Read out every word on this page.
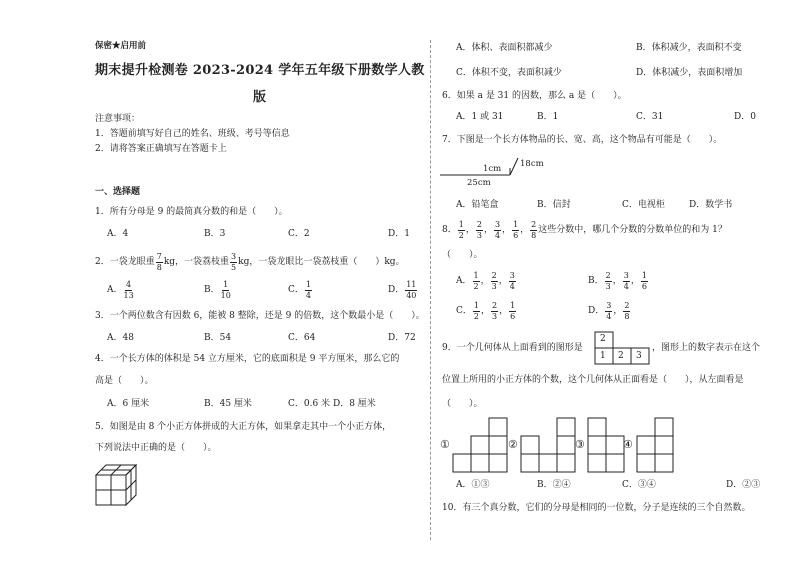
保密★启用前
期末提升检测卷 2023-2024 学年五年级下册数学人教
版
注意事项：
1．答题前填写好自己的姓名、班级、考号等信息
2．请将答案正确填写在答题卡上
一、选择题
1．所有分母是 9 的最简真分数的和是（　　）。
A．4	B．3	C．2	D．1
2．一袋龙眼重
7
8
kg，一袋荔枝重
3
5
kg，一袋龙眼比一袋荔枝重（　　）kg。
A．
4
13
B．
1
10
C．
1
4
D．
11
40
3．一个两位数含有因数 6，能被 8 整除，还是 9 的倍数，这个数最小是（　　）。
A．48	B．54	C．64	D．72
4．一个长方体的体积是 54 立方厘米，它的底面积是 9 平方厘米，那么它的
高是（　　）。
A．6 厘米	B．45 厘米	C．0.6 米 D．8 厘米
5．如图是由 8 个小正方体拼成的大正方体，如果拿走其中一个小正方体，
下列说法中正确的是（　　）。
A．体积、表面积都减少	B．体积减少，表面积不变
C．体积不变，表面积减少	D．体积减少，表面积增加
6．如果 a 是 31 的因数，那么 a 是（　　）。
A．1 或 31	B．1	C．31	D．0
7．下图是一个长方体物品的长、宽、高，这个物品有可能是（　　）。
1cm 18cm
25cm
A．铅笔盒	B．信封	C．电视柜	D．数学书
8．
1
2
，
2
3
，
3
4
，
1
6
，
2
8
这些分数中，哪几个分数的分数单位的和为 1？
（　　）。
A．
1
2
，
2
3
，
3
4
B．
2
3
，
3
4
，
1
6
C．
1
2
，
2
3
，
1
6
D．
3
4
，
2
8
9．一个几何体从上面看到的图形是
2
1 2 3
，图形上的数字表示在这个
位置上所用的小正方体的个数，这个几何体从正面看是（　　），从左面看是
（　　）。
①	②	③	④
A．①③	B．②④	C．③④	D．②③
10．有三个真分数，它们的分母是相同的一位数，分子是连续的三个自然数。
